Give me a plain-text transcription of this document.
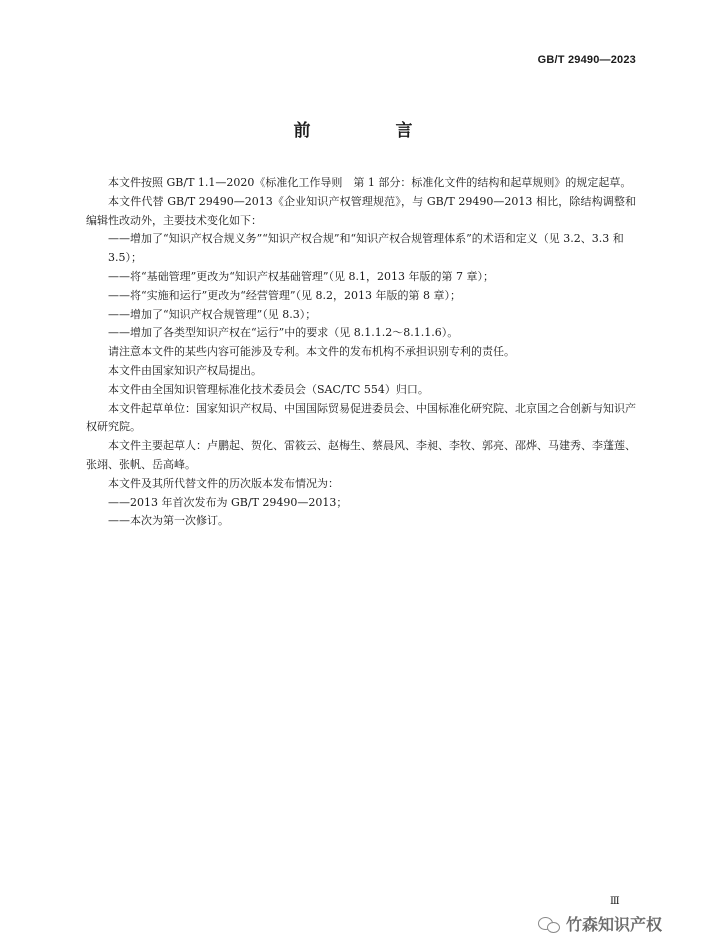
GB/T 29490—2023
前　言

本文件按照 GB/T 1.1—2020《标准化工作导则　第 1 部分：标准化文件的结构和起草规则》的规定起草。

本文件代替 GB/T 29490—2013《企业知识产权管理规范》，与 GB/T 29490—2013 相比，除结构调整和编辑性改动外，主要技术变化如下：

——增加了“知识产权合规义务”“知识产权合规”和“知识产权合规管理体系”的术语和定义（见 3.2、3.3 和 3.5）；

——将“基础管理”更改为“知识产权基础管理”（见 8.1，2013 年版的第 7 章）；

——将“实施和运行”更改为“经营管理”（见 8.2，2013 年版的第 8 章）；

——增加了“知识产权合规管理”（见 8.3）；

——增加了各类型知识产权在“运行”中的要求（见 8.1.1.2～8.1.1.6）。

请注意本文件的某些内容可能涉及专利。本文件的发布机构不承担识别专利的责任。

本文件由国家知识产权局提出。

本文件由全国知识管理标准化技术委员会（SAC/TC 554）归口。

本文件起草单位：国家知识产权局、中国国际贸易促进委员会、中国标准化研究院、北京国之合创新与知识产权研究院。

本文件主要起草人：卢鹏起、贺化、雷筱云、赵梅生、蔡晨风、李昶、李牧、郭亮、邵烨、马建秀、李蓬莲、张翊、张帆、岳高峰。

本文件及其所代替文件的历次版本发布情况为：

——2013 年首次发布为 GB/T 29490—2013；

——本次为第一次修订。

Ⅲ
竹森知识产权
